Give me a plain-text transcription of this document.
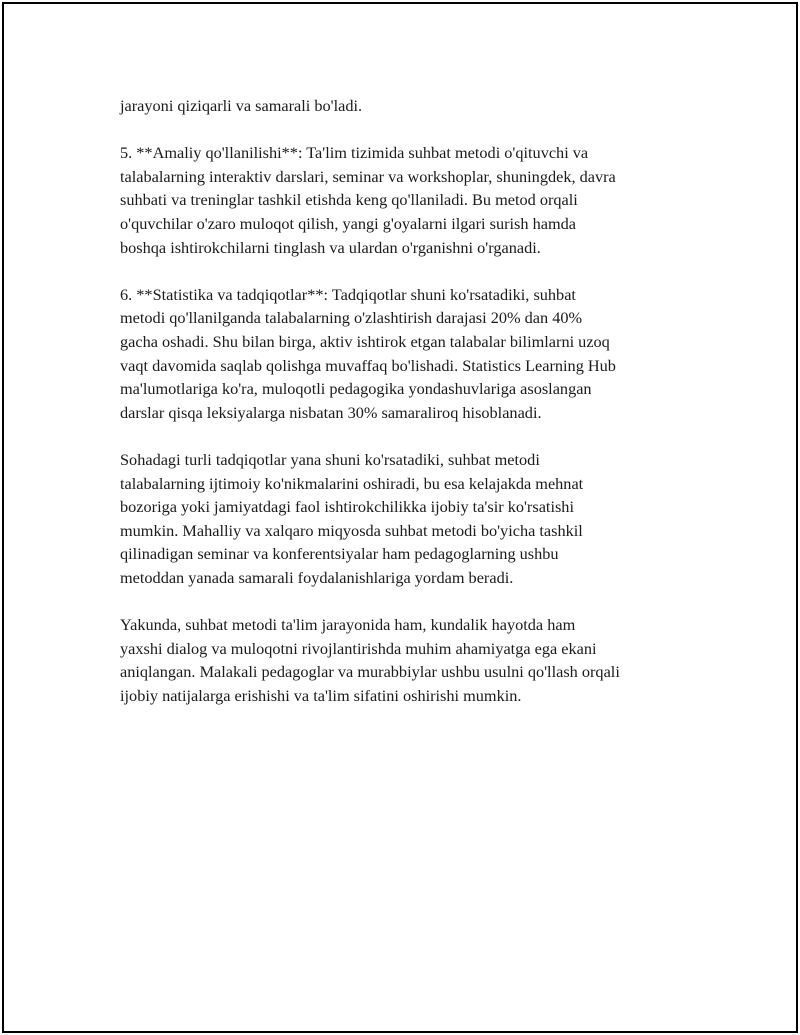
jarayoni qiziqarli va samarali bo'ladi.

5. **Amaliy qo'llanilishi**: Ta'lim tizimida suhbat metodi o'qituvchi va
talabalarning interaktiv darslari, seminar va workshoplar, shuningdek, davra
suhbati va treninglar tashkil etishda keng qo'llaniladi. Bu metod orqali
o'quvchilar o'zaro muloqot qilish, yangi g'oyalarni ilgari surish hamda
boshqa ishtirokchilarni tinglash va ulardan o'rganishni o'rganadi.

6. **Statistika va tadqiqotlar**: Tadqiqotlar shuni ko'rsatadiki, suhbat
metodi qo'llanilganda talabalarning o'zlashtirish darajasi 20% dan 40%
gacha oshadi. Shu bilan birga, aktiv ishtirok etgan talabalar bilimlarni uzoq
vaqt davomida saqlab qolishga muvaffaq bo'lishadi. Statistics Learning Hub
ma'lumotlariga ko'ra, muloqotli pedagogika yondashuvlariga asoslangan
darslar qisqa leksiyalarga nisbatan 30% samaraliroq hisoblanadi.

Sohadagi turli tadqiqotlar yana shuni ko'rsatadiki, suhbat metodi
talabalarning ijtimoiy ko'nikmalarini oshiradi, bu esa kelajakda mehnat
bozoriga yoki jamiyatdagi faol ishtirokchilikka ijobiy ta'sir ko'rsatishi
mumkin. Mahalliy va xalqaro miqyosda suhbat metodi bo'yicha tashkil
qilinadigan seminar va konferentsiyalar ham pedagoglarning ushbu
metoddan yanada samarali foydalanishlariga yordam beradi.

Yakunda, suhbat metodi ta'lim jarayonida ham, kundalik hayotda ham
yaxshi dialog va muloqotni rivojlantirishda muhim ahamiyatga ega ekani
aniqlangan. Malakali pedagoglar va murabbiylar ushbu usulni qo'llash orqali
ijobiy natijalarga erishishi va ta'lim sifatini oshirishi mumkin.
